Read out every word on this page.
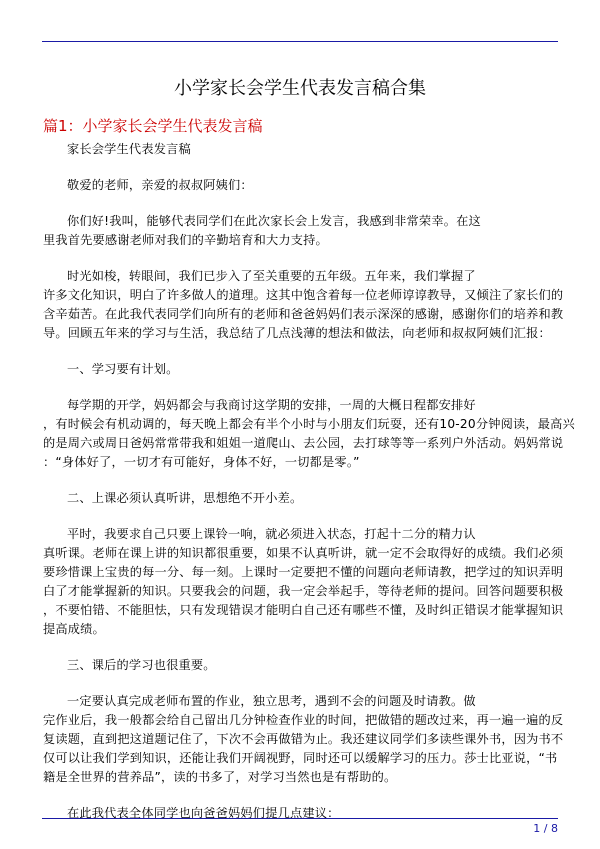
小学家长会学生代表发言稿合集
篇1：小学家长会学生代表发言稿

家长会学生代表发言稿

敬爱的老师，亲爱的叔叔阿姨们：

你们好!我叫，能够代表同学们在此次家长会上发言，我感到非常荣幸。在这
里我首先要感谢老师对我们的辛勤培育和大力支持。

时光如梭，转眼间，我们已步入了至关重要的五年级。五年来，我们掌握了
许多文化知识，明白了许多做人的道理。这其中饱含着每一位老师谆谆教导，又倾注了家长们的
含辛茹苦。在此我代表同学们向所有的老师和爸爸妈妈们表示深深的感谢，感谢你们的培养和教
导。回顾五年来的学习与生活，我总结了几点浅薄的想法和做法，向老师和叔叔阿姨们汇报：

一、学习要有计划。

每学期的开学，妈妈都会与我商讨这学期的安排，一周的大概日程都安排好
，有时候会有机动调的，每天晚上都会有半个小时与小朋友们玩耍，还有10-20分钟阅读，最高兴
的是周六或周日爸妈常常带我和姐姐一道爬山、去公园，去打球等等一系列户外活动。妈妈常说
：“身体好了，一切才有可能好，身体不好，一切都是零。”

二、上课必须认真听讲，思想绝不开小差。

平时，我要求自己只要上课铃一响，就必须进入状态，打起十二分的精力认
真听课。老师在课上讲的知识都很重要，如果不认真听讲，就一定不会取得好的成绩。我们必须
要珍惜课上宝贵的每一分、每一刻。上课时一定要把不懂的问题向老师请教，把学过的知识弄明
白了才能掌握新的知识。只要我会的问题，我一定会举起手，等待老师的提问。回答问题要积极
，不要怕错、不能胆怯，只有发现错误才能明白自己还有哪些不懂，及时纠正错误才能掌握知识
提高成绩。

三、课后的学习也很重要。

一定要认真完成老师布置的作业，独立思考，遇到不会的问题及时请教。做
完作业后，我一般都会给自己留出几分钟检查作业的时间，把做错的题改过来，再一遍一遍的反
复读题，直到把这道题记住了，下次不会再做错为止。我还建议同学们多读些课外书，因为书不
仅可以让我们学到知识，还能让我们开阔视野，同时还可以缓解学习的压力。莎士比亚说，“书
籍是全世界的营养品”，读的书多了，对学习当然也是有帮助的。

在此我代表全体同学也向爸爸妈妈们提几点建议：

1 / 8
